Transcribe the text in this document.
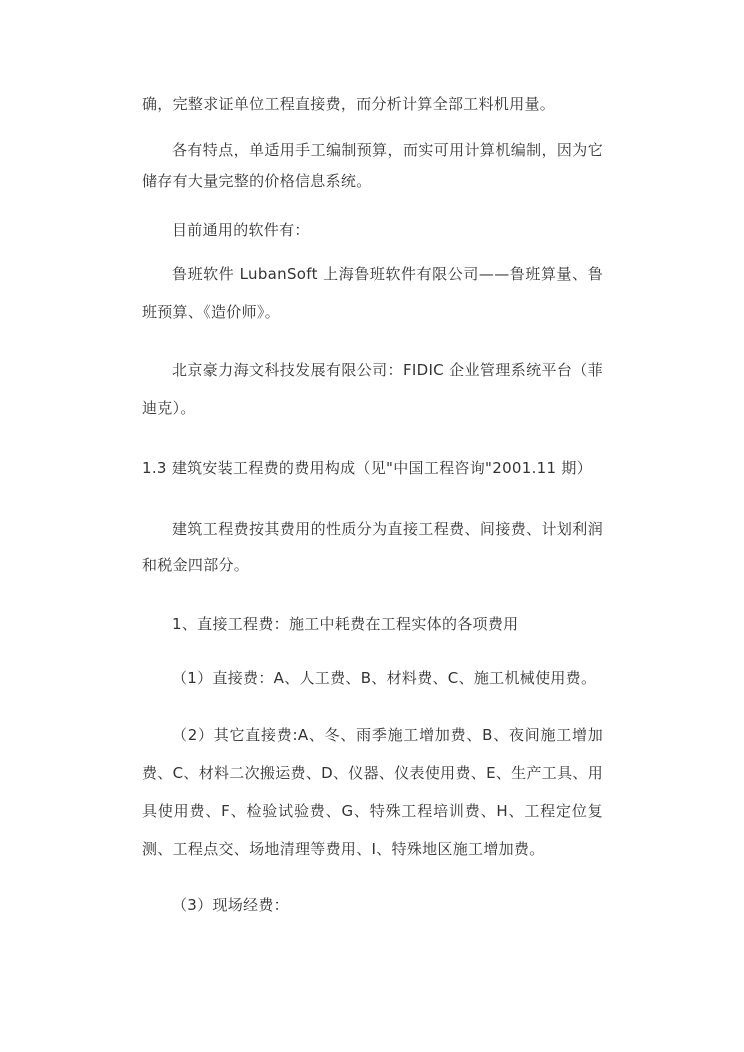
确，完整求证单位工程直接费，而分析计算全部工料机用量。

各有特点，单适用手工编制预算，而实可用计算机编制，因为它储存有大量完整的价格信息系统。

目前通用的软件有：

鲁班软件 LubanSoft 上海鲁班软件有限公司——鲁班算量、鲁班预算、《造价师》。

北京豪力海文科技发展有限公司：FIDIC 企业管理系统平台（菲迪克）。

1.3 建筑安装工程费的费用构成（见"中国工程咨询"2001.11 期）

建筑工程费按其费用的性质分为直接工程费、间接费、计划利润和税金四部分。

1、直接工程费：施工中耗费在工程实体的各项费用

（1）直接费：A、人工费、B、材料费、C、施工机械使用费。

（2）其它直接费:A、冬、雨季施工增加费、B、夜间施工增加费、C、材料二次搬运费、D、仪器、仪表使用费、E、生产工具、用具使用费、F、检验试验费、G、特殊工程培训费、H、工程定位复测、工程点交、场地清理等费用、I、特殊地区施工增加费。

（3）现场经费：
